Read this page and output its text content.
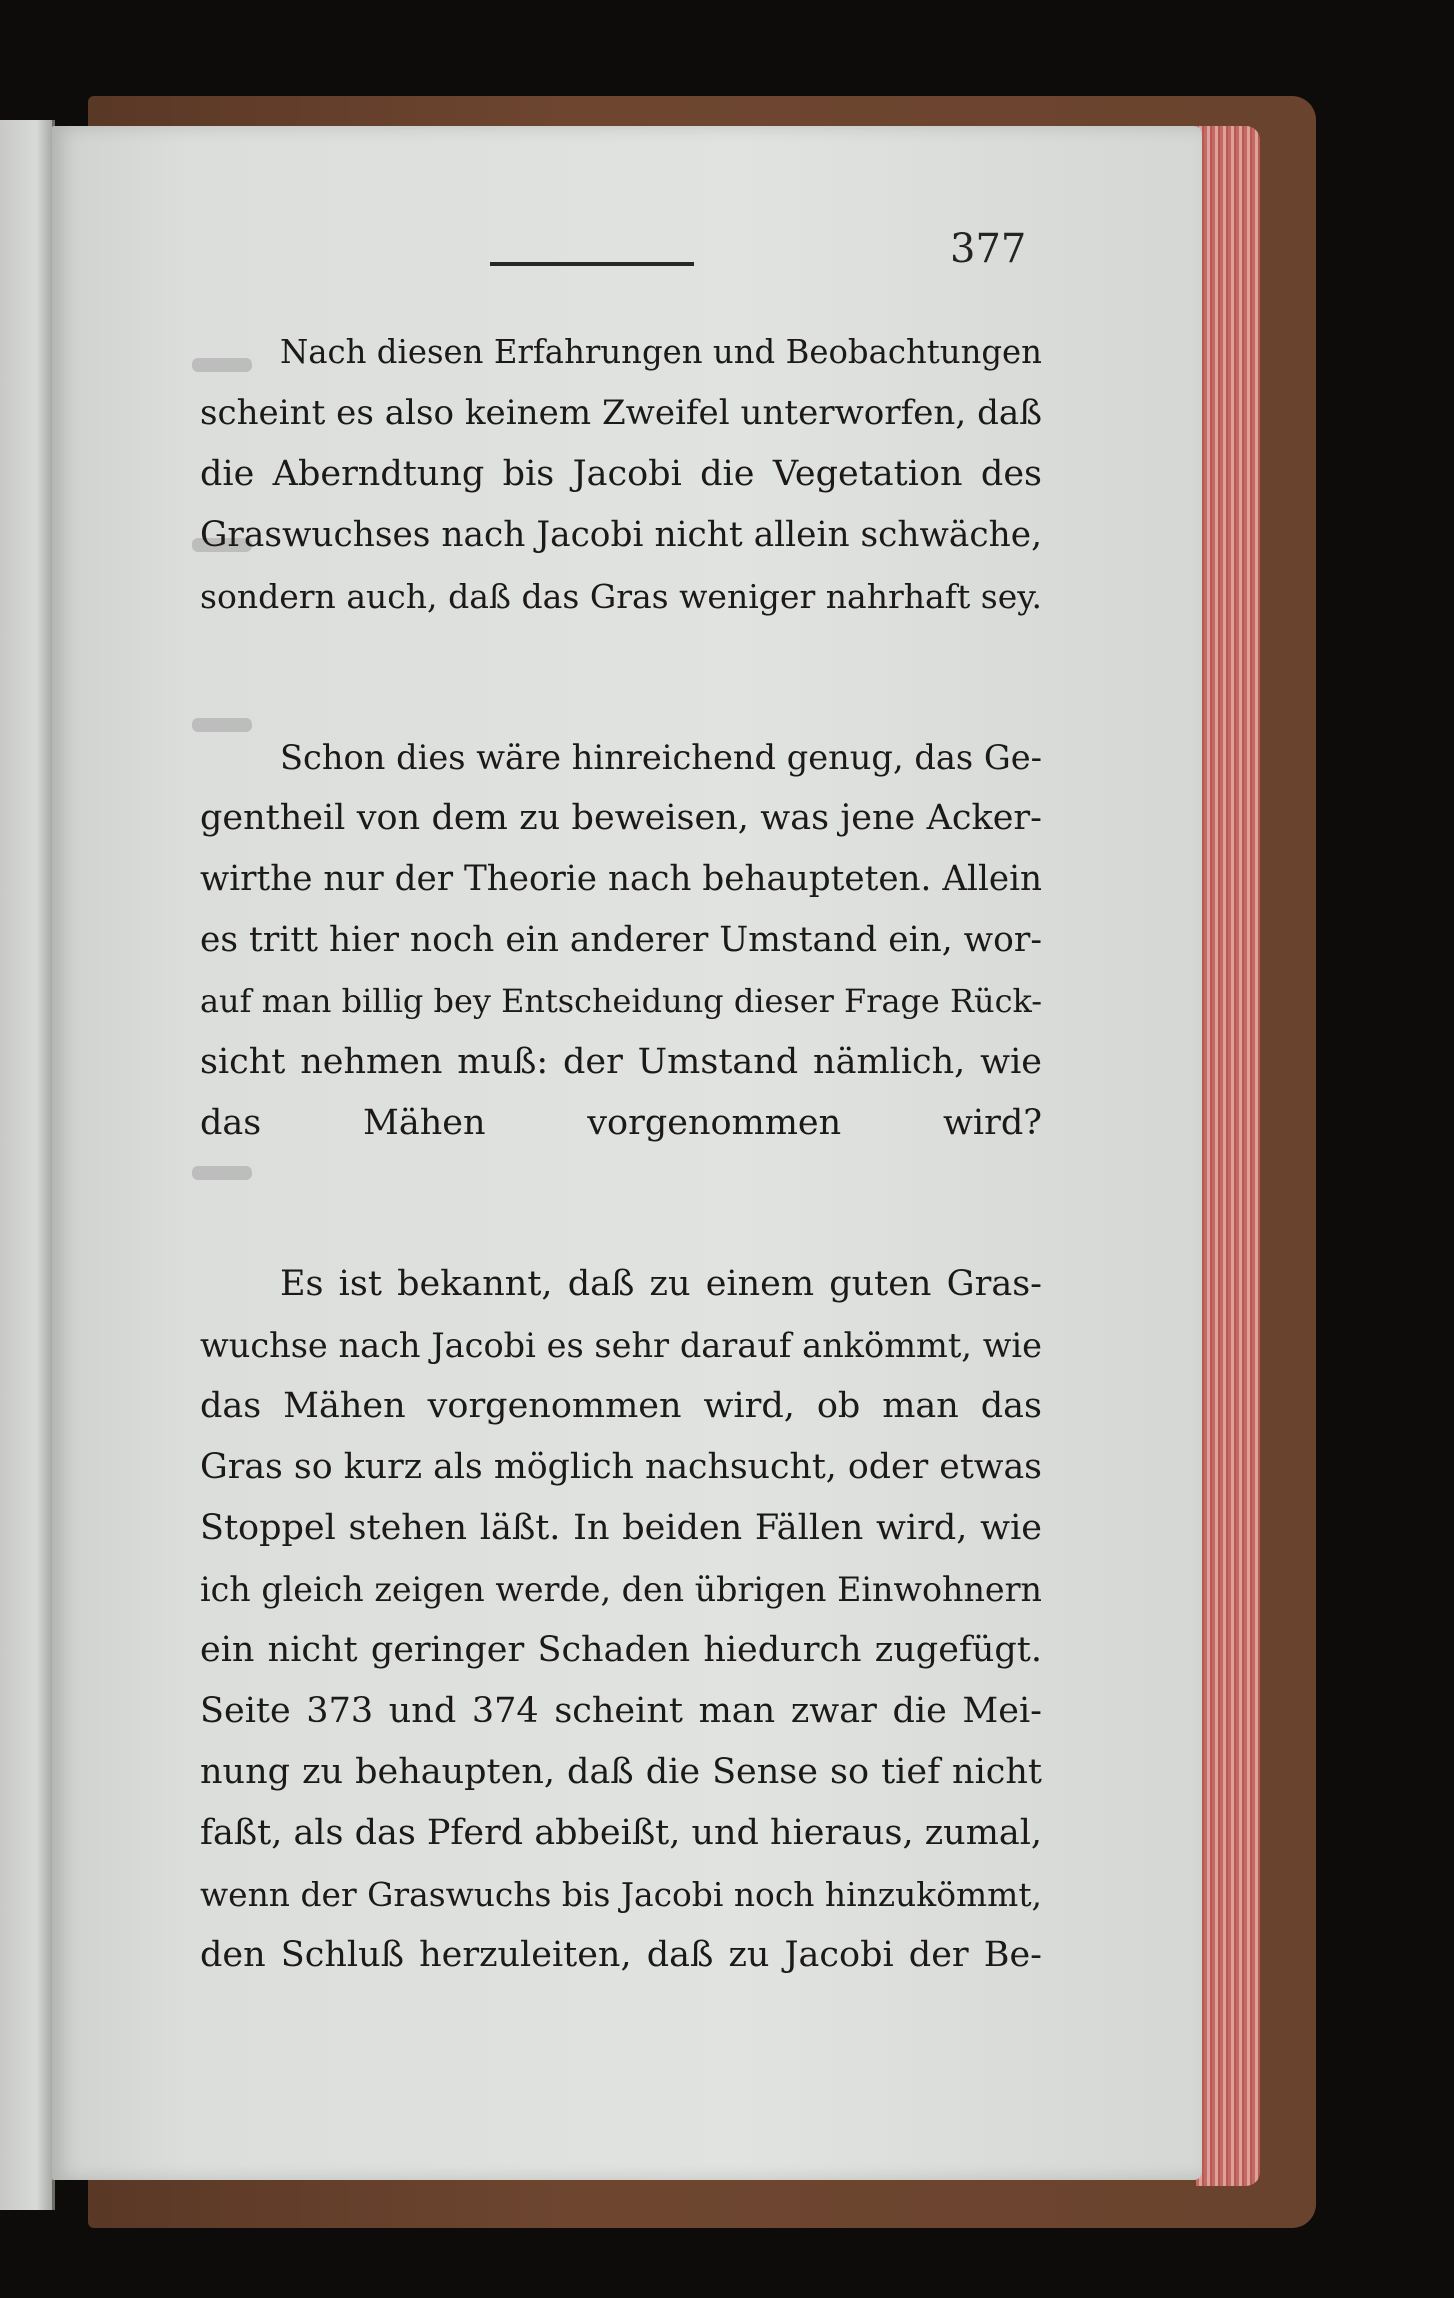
377
Nach diesen Erfahrungen und Beobachtungen
scheint es also keinem Zweifel unterworfen, daß
die Aberndtung bis Jacobi die Vegetation des
Graswuchses nach Jacobi nicht allein schwäche,
sondern auch, daß das Gras weniger nahrhaft sey.
Schon dies wäre hinreichend genug, das Ge-
gentheil von dem zu beweisen, was jene Acker-
wirthe nur der Theorie nach behaupteten. Allein
es tritt hier noch ein anderer Umstand ein, wor-
auf man billig bey Entscheidung dieser Frage Rück-
sicht nehmen muß: der Umstand nämlich, wie
das Mähen vorgenommen wird?
Es ist bekannt, daß zu einem guten Gras-
wuchse nach Jacobi es sehr darauf ankömmt, wie
das Mähen vorgenommen wird, ob man das
Gras so kurz als möglich nachsucht, oder etwas
Stoppel stehen läßt. In beiden Fällen wird, wie
ich gleich zeigen werde, den übrigen Einwohnern
ein nicht geringer Schaden hiedurch zugefügt.
Seite 373 und 374 scheint man zwar die Mei-
nung zu behaupten, daß die Sense so tief nicht
faßt, als das Pferd abbeißt, und hieraus, zumal,
wenn der Graswuchs bis Jacobi noch hinzukömmt,
den Schluß herzuleiten, daß zu Jacobi der Be-
